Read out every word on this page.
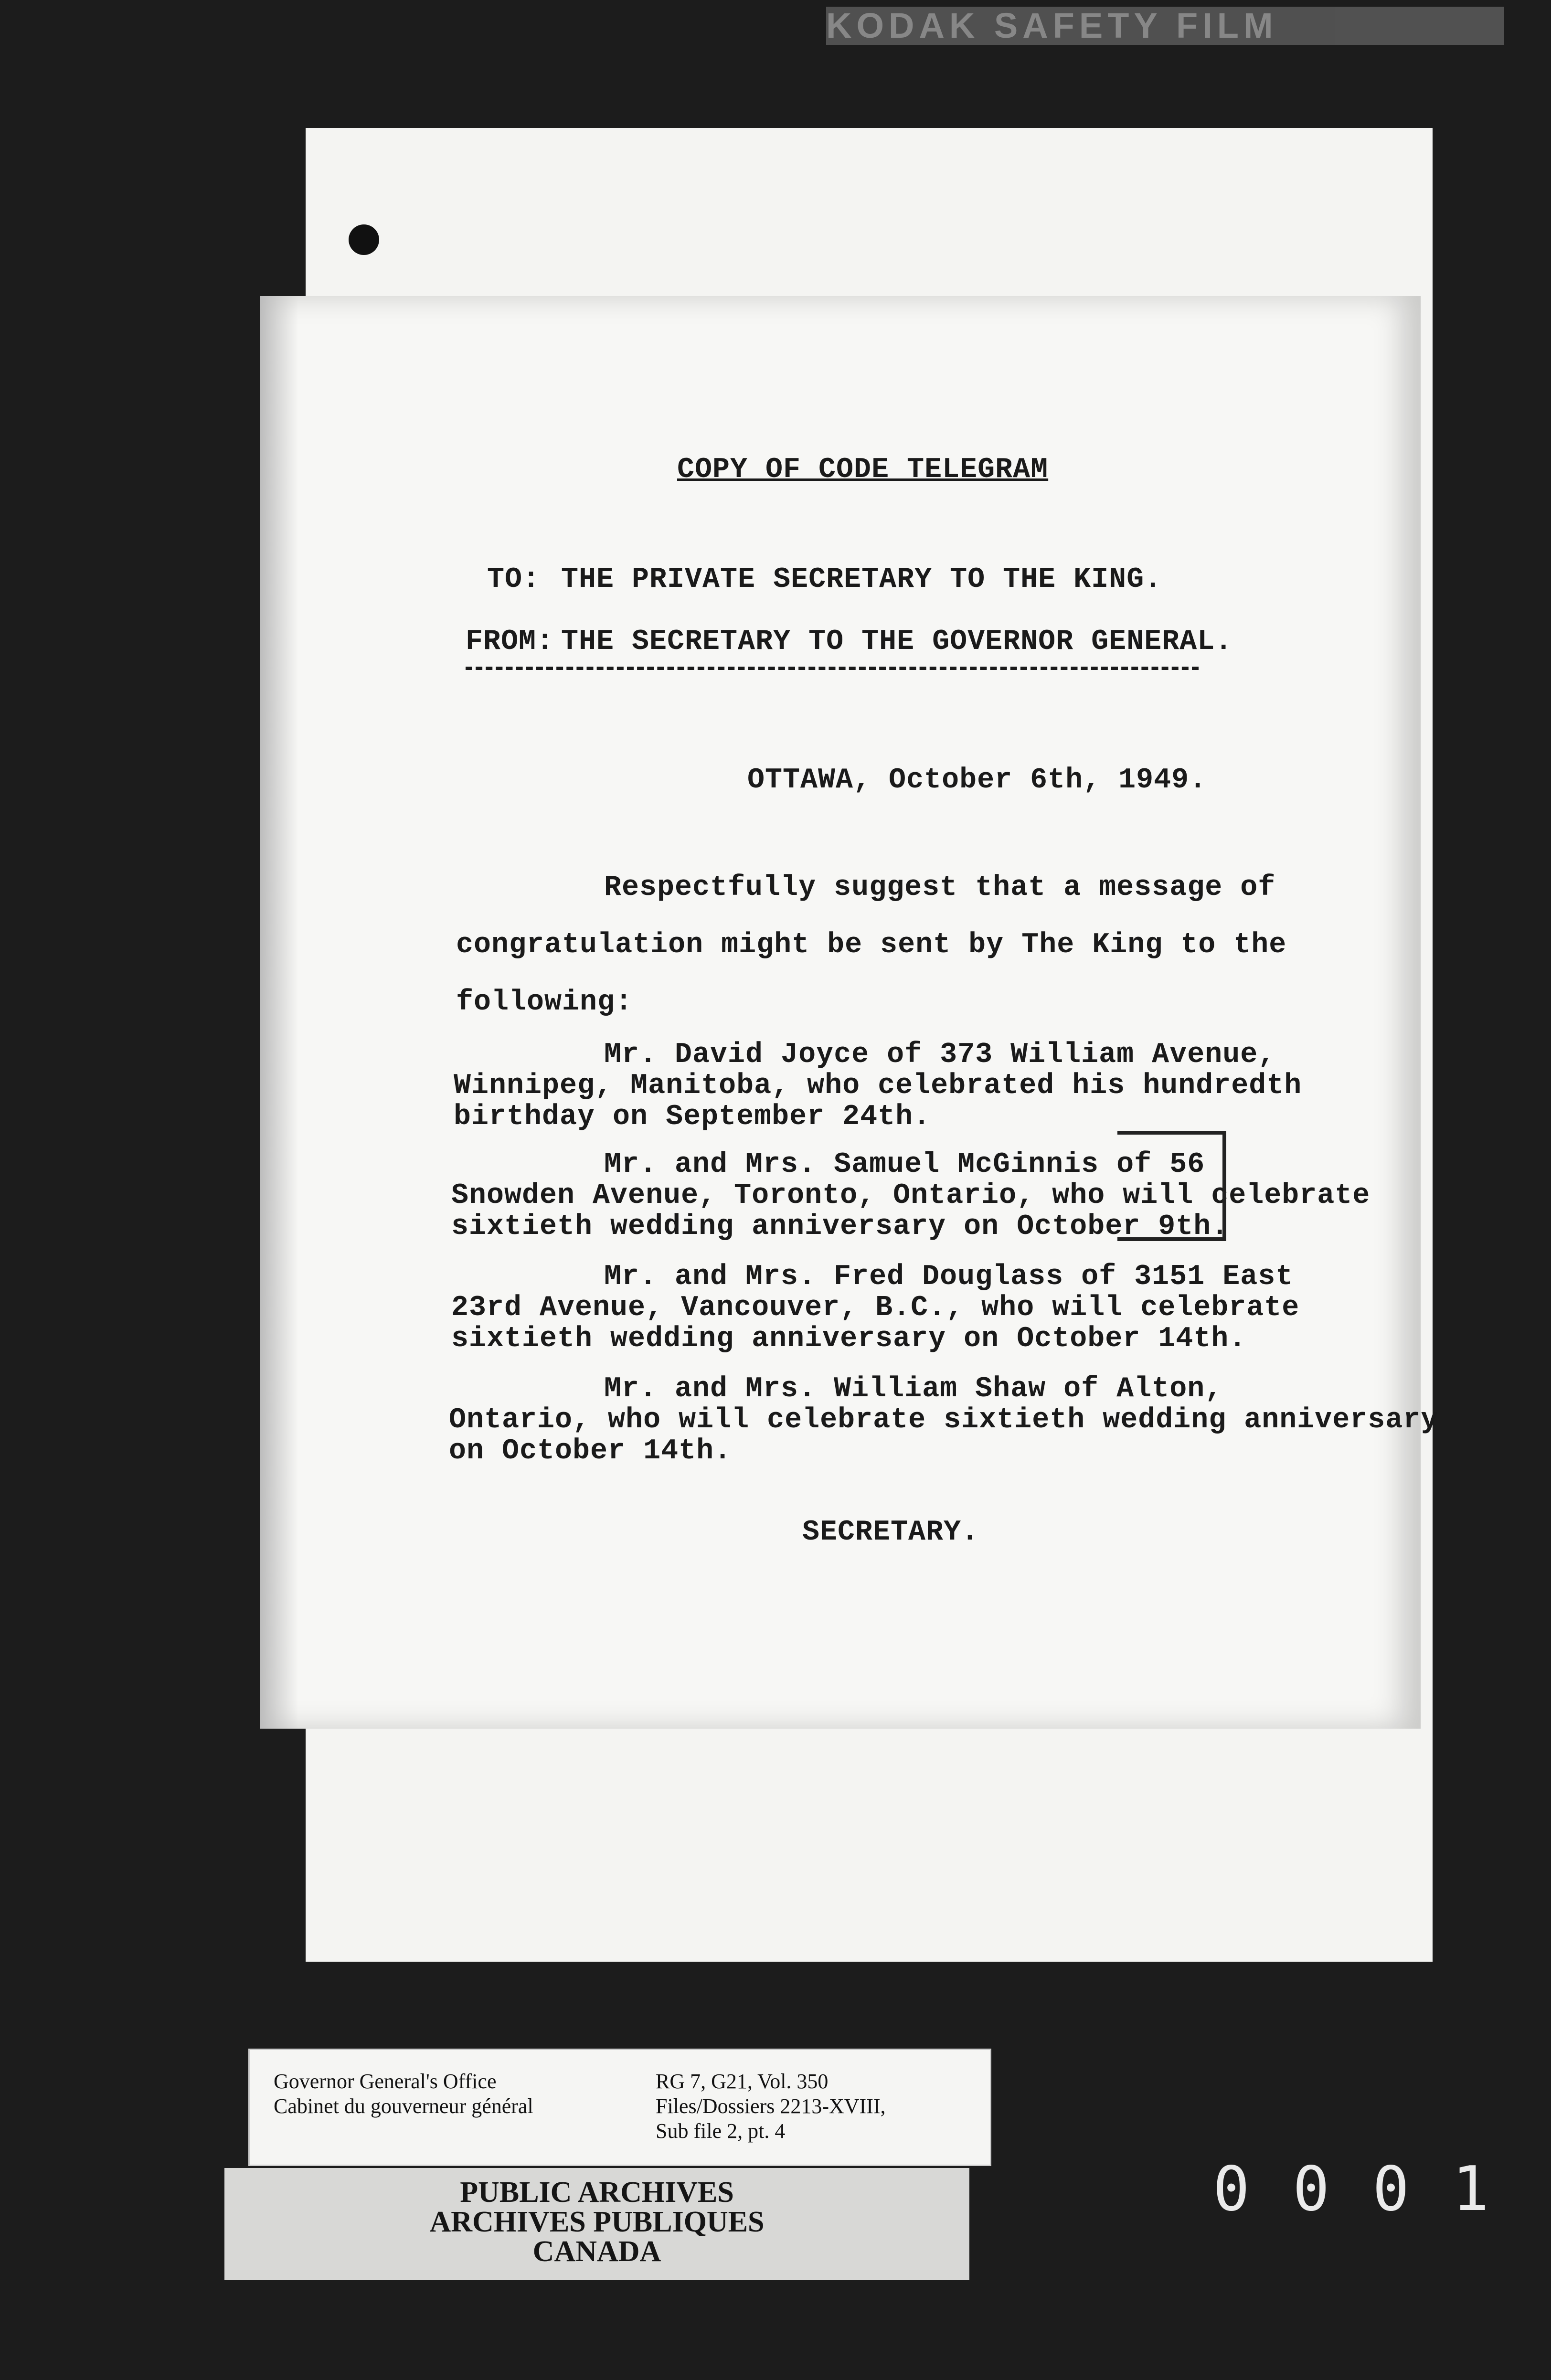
KODAK SAFETY FILM
COPY OF CODE TELEGRAM
TO: THE PRIVATE SECRETARY TO THE KING.
FROM: THE SECRETARY TO THE GOVERNOR GENERAL.
OTTAWA, October 6th, 1949.
Respectfully suggest that a message of
congratulation might be sent by The King to the
following:
Mr. David Joyce of 373 William Avenue,
Winnipeg, Manitoba, who celebrated his hundredth
birthday on September 24th.
Mr. and Mrs. Samuel McGinnis of 56
Snowden Avenue, Toronto, Ontario, who will celebrate
sixtieth wedding anniversary on October 9th.
Mr. and Mrs. Fred Douglass of 3151 East
23rd Avenue, Vancouver, B.C., who will celebrate
sixtieth wedding anniversary on October 14th.
Mr. and Mrs. William Shaw of Alton,
Ontario, who will celebrate sixtieth wedding anniversary
on October 14th.
SECRETARY.
Governor General's Office
Cabinet du gouverneur général
RG 7, G21, Vol. 350
Files/Dossiers 2213-XVIII,
Sub file 2, pt. 4
PUBLIC ARCHIVES
ARCHIVES PUBLIQUES
CANADA
0001
